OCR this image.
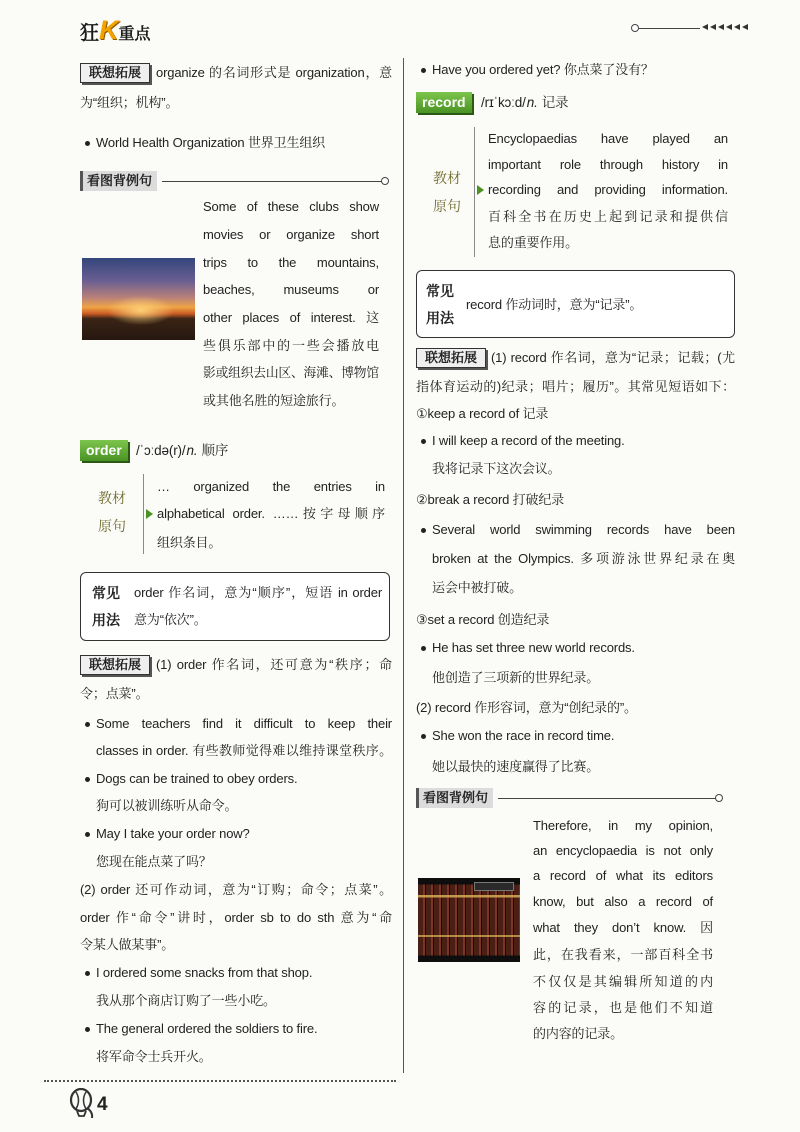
狂K重点
联想拓展	organize 的名词形式是 organization，意
为“组织；机构”。
World Health Organization 世界卫生组织
看图背例句
Some of these clubs show
movies or organize short
trips to the mountains,
beaches, museums or
other places of interest. 这
些俱乐部中的一些会播放电
影或组织去山区、海滩、博物馆
或其他名胜的短途旅行。
order	/ˈɔːdə(r)/n. 顺序
教材
原句
… organized the entries in
alphabetical order. ……按字母顺序
组织条目。
常见
用法
order 作名词，意为“顺序”，短语 in order
意为“依次”。
联想拓展	(1) order 作名词，还可意为“秩序；命
令；点菜”。
Some teachers find it difficult to keep their
classes in order. 有些教师觉得难以维持课堂秩序。
Dogs can be trained to obey orders.
狗可以被训练听从命令。
May I take your order now?
您现在能点菜了吗？
(2) order 还可作动词，意为“订购；命令；点菜”。
order 作“命令”讲时，order sb to do sth 意为“命
令某人做某事”。
I ordered some snacks from that shop.
我从那个商店订购了一些小吃。
The general ordered the soldiers to fire.
将军命令士兵开火。
Have you ordered yet? 你点菜了没有？
record	/rɪˈkɔːd/n. 记录
教材
原句
Encyclopaedias have played an
important role through history in
recording and providing information.
百科全书在历史上起到记录和提供信
息的重要作用。
常见
用法
record 作动词时，意为“记录”。
联想拓展	(1) record 作名词，意为“记录；记载；(尤
指体育运动的)纪录；唱片；履历”。其常见短语如下：
①keep a record of 记录
I will keep a record of the meeting.
我将记录下这次会议。
②break a record 打破纪录
Several world swimming records have been
broken at the Olympics. 多项游泳世界纪录在奥
运会中被打破。
③set a record 创造纪录
He has set three new world records.
他创造了三项新的世界纪录。
(2) record 作形容词，意为“创纪录的”。
She won the race in record time.
她以最快的速度赢得了比赛。
看图背例句
Therefore, in my opinion,
an encyclopaedia is not only
a record of what its editors
know, but also a record of
what they don’t know. 因
此，在我看来，一部百科全书
不仅仅是其编辑所知道的内
容的记录，也是他们不知道
的内容的记录。
4
